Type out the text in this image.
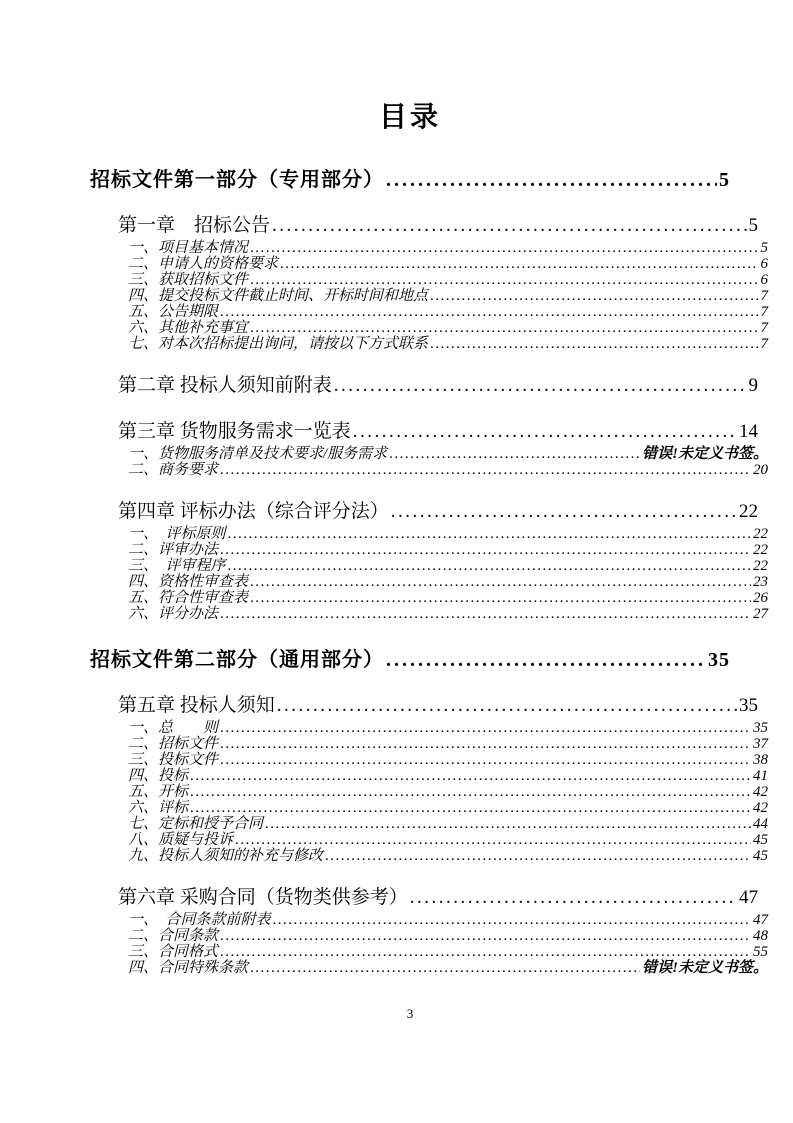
目录
招标文件第一部分（专用部分） .....	5
第一章　招标公告 .....	5
一、项目基本情况 .....	5
二、申请人的资格要求 .....	6
三、获取招标文件 .....	6
四、提交投标文件截止时间、开标时间和地点 .....	7
五、公告期限 .....	7
六、其他补充事宜 .....	7
七、对本次招标提出询问，请按以下方式联系 .....	7
第二章 投标人须知前附表 .....	9
第三章 货物服务需求一览表 .....	14
一、货物服务清单及技术要求/服务需求 .....	错误!未定义书签。
二、商务要求 .....	20
第四章 评标办法（综合评分法） .....	22
一、　评标原则 .....	22
二、评审办法 .....	22
三、　评审程序 .....	22
四、资格性审查表 .....	23
五、符合性审查表 .....	26
六、评分办法 .....	27
招标文件第二部分（通用部分） .....	35
第五章 投标人须知 .....	35
一、总　　则 .....	35
二、招标文件 .....	37
三、投标文件 .....	38
四、投标 .....	41
五、开标 .....	42
六、评标 .....	42
七、定标和授予合同 .....	44
八、质疑与投诉 .....	45
九、投标人须知的补充与修改 .....	45
第六章 采购合同（货物类供参考） .....	47
一、　合同条款前附表 .....	47
二、合同条款 .....	48
三、合同格式 .....	55
四、合同特殊条款 .....	错误!未定义书签。
3
